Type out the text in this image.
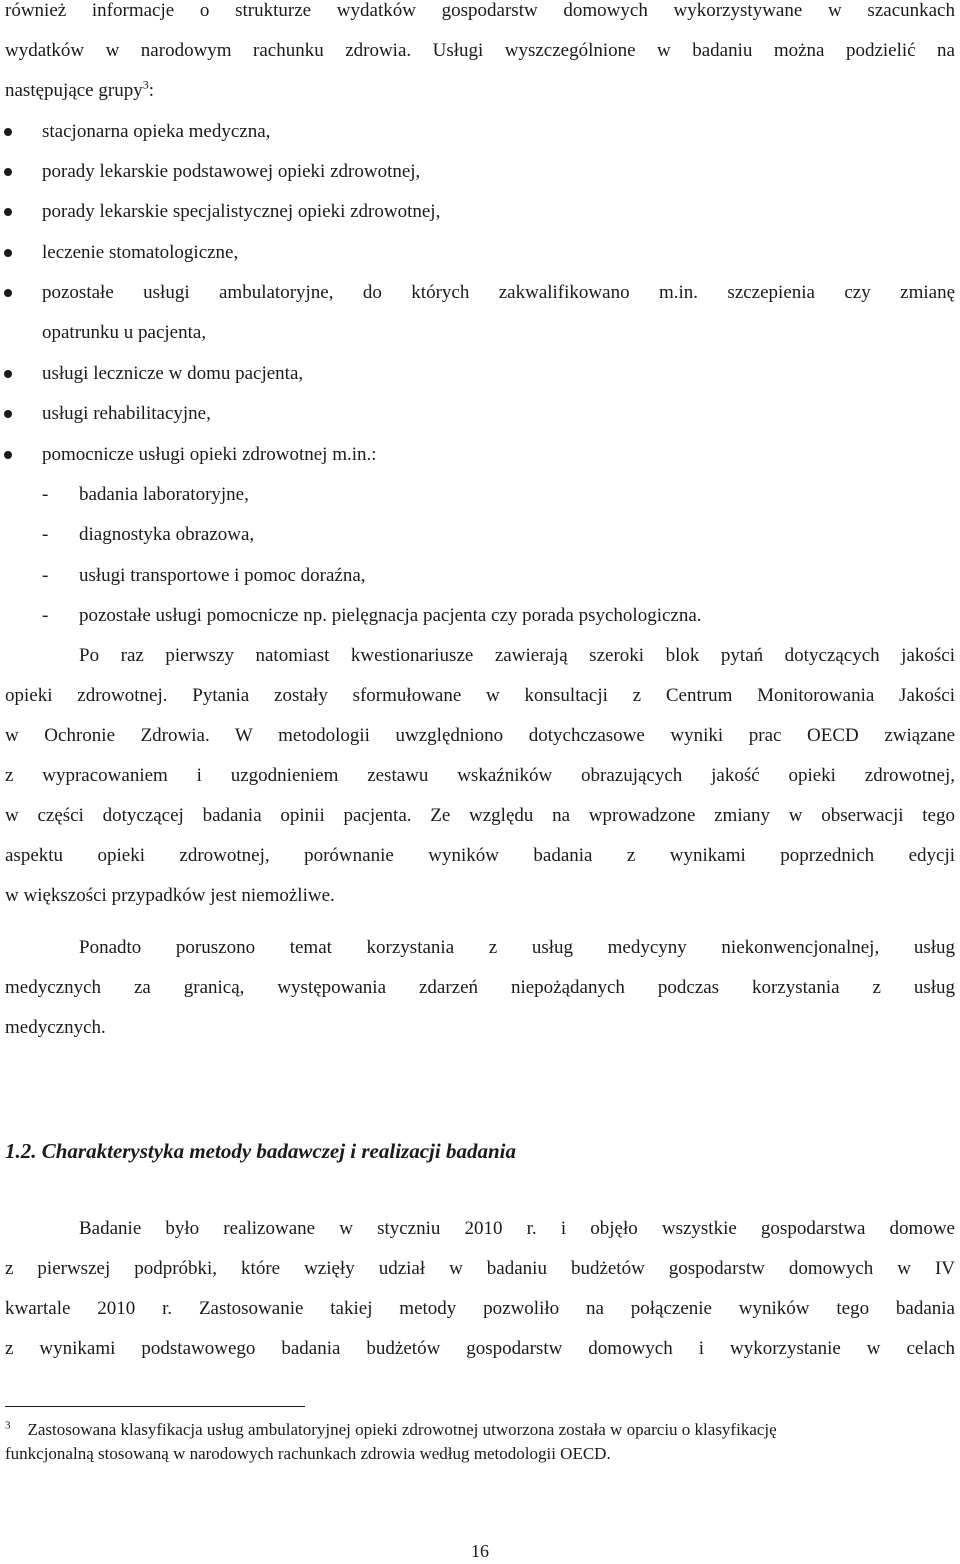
również informacje o strukturze wydatków gospodarstw domowych wykorzystywane w szacunkach
wydatków w narodowym rachunku zdrowia. Usługi wyszczególnione w badaniu można podzielić na
następujące grupy$^3$:
stacjonarna opieka medyczna,
porady lekarskie podstawowej opieki zdrowotnej,
porady lekarskie specjalistycznej opieki zdrowotnej,
leczenie stomatologiczne,
pozostałe usługi ambulatoryjne, do których zakwalifikowano m.in. szczepienia czy zmianę
opatrunku u pacjenta,
usługi lecznicze w domu pacjenta,
usługi rehabilitacyjne,
pomocnicze usługi opieki zdrowotnej m.in.:
- badania laboratoryjne,
- diagnostyka obrazowa,
- usługi transportowe i pomoc doraźna,
- pozostałe usługi pomocnicze np. pielęgnacja pacjenta czy porada psychologiczna.
Po raz pierwszy natomiast kwestionariusze zawierają szeroki blok pytań dotyczących jakości
opieki zdrowotnej. Pytania zostały sformułowane w konsultacji z Centrum Monitorowania Jakości
w Ochronie Zdrowia. W metodologii uwzględniono dotychczasowe wyniki prac OECD związane
z wypracowaniem i uzgodnieniem zestawu wskaźników obrazujących jakość opieki zdrowotnej,
w części dotyczącej badania opinii pacjenta. Ze względu na wprowadzone zmiany w obserwacji tego
aspektu opieki zdrowotnej, porównanie wyników badania z wynikami poprzednich edycji
w większości przypadków jest niemożliwe.
Ponadto poruszono temat korzystania z usług medycyny niekonwencjonalnej, usług
medycznych za granicą, występowania zdarzeń niepożądanych podczas korzystania z usług
medycznych.
1.2. Charakterystyka metody badawczej i realizacji badania
Badanie było realizowane w styczniu 2010 r. i objęło wszystkie gospodarstwa domowe
z pierwszej podpróbki, które wzięły udział w badaniu budżetów gospodarstw domowych w IV
kwartale 2010 r. Zastosowanie takiej metody pozwoliło na połączenie wyników tego badania
z wynikami podstawowego badania budżetów gospodarstw domowych i wykorzystanie w celach
$^3$ Zastosowana klasyfikacja usług ambulatoryjnej opieki zdrowotnej utworzona została w oparciu o klasyfikację
funkcjonalną stosowaną w narodowych rachunkach zdrowia według metodologii OECD.
16
